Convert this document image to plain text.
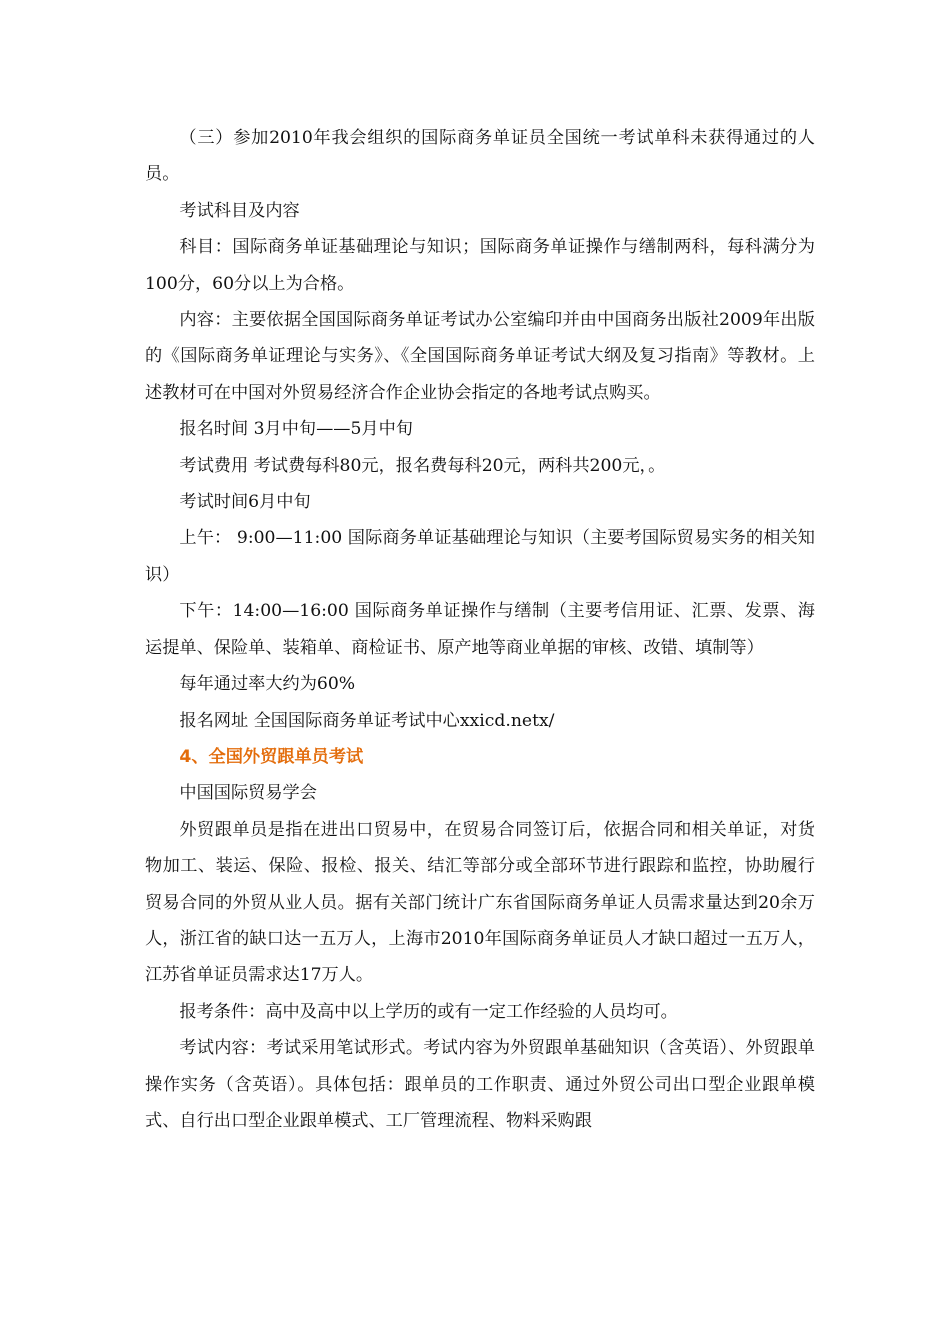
（三）参加2010年我会组织的国际商务单证员全国统一考试单科未获得通过的人员。

考试科目及内容

科目：国际商务单证基础理论与知识；国际商务单证操作与缮制两科，每科满分为100分，60分以上为合格。

内容：主要依据全国国际商务单证考试办公室编印并由中国商务出版社2009年出版的《国际商务单证理论与实务》、《全国国际商务单证考试大纲及复习指南》等教材。上述教材可在中国对外贸易经济合作企业协会指定的各地考试点购买。

报名时间 3月中旬——5月中旬

考试费用 考试费每科80元，报名费每科20元，两科共200元，。

考试时间6月中旬

上午： 9:00—11:00 国际商务单证基础理论与知识（主要考国际贸易实务的相关知识）

下午：14:00—16:00 国际商务单证操作与缮制（主要考信用证、汇票、发票、海运提单、保险单、装箱单、商检证书、原产地等商业单据的审核、改错、填制等）

每年通过率大约为60%

报名网址 全国国际商务单证考试中心xxicd.netx/

4、全国外贸跟单员考试

中国国际贸易学会

外贸跟单员是指在进出口贸易中，在贸易合同签订后，依据合同和相关单证，对货物加工、装运、保险、报检、报关、结汇等部分或全部环节进行跟踪和监控，协助履行贸易合同的外贸从业人员。据有关部门统计广东省国际商务单证人员需求量达到20余万人，浙江省的缺口达一五万人，上海市2010年国际商务单证员人才缺口超过一五万人，江苏省单证员需求达17万人。

报考条件：高中及高中以上学历的或有一定工作经验的人员均可。

考试内容：考试采用笔试形式。考试内容为外贸跟单基础知识（含英语）、外贸跟单操作实务（含英语）。具体包括：跟单员的工作职责、通过外贸公司出口型企业跟单模式、自行出口型企业跟单模式、工厂管理流程、物料采购跟
